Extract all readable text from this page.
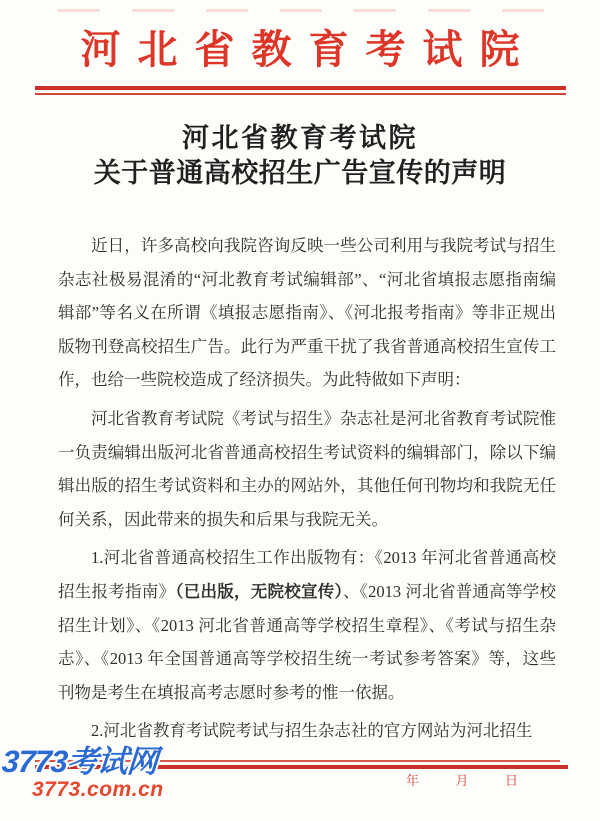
河北省教育考试院
河北省教育考试院
关于普通高校招生广告宣传的声明

近日，许多高校向我院咨询反映一些公司利用与我院考试与招生杂志社极易混淆的“河北教育考试编辑部”、“河北省填报志愿指南编辑部”等名义在所谓《填报志愿指南》、《河北报考指南》等非正规出版物刊登高校招生广告。此行为严重干扰了我省普通高校招生宣传工作，也给一些院校造成了经济损失。为此特做如下声明：

河北省教育考试院《考试与招生》杂志社是河北省教育考试院惟一负责编辑出版河北省普通高校招生考试资料的编辑部门，除以下编辑出版的招生考试资料和主办的网站外，其他任何刊物均和我院无任何关系，因此带来的损失和后果与我院无关。

1.河北省普通高校招生工作出版物有：《2013 年河北省普通高校招生报考指南》（已出版，无院校宣传）、《2013 河北省普通高等学校招生计划》、《2013 河北省普通高等学校招生章程》、《考试与招生杂志》、《2013 年全国普通高等学校招生统一考试参考答案》等，这些刊物是考生在填报高考志愿时参考的惟一依据。

2.河北省教育考试院考试与招生杂志社的官方网站为河北招生

年　　月　　日
3773考试网
3773.com.cn
